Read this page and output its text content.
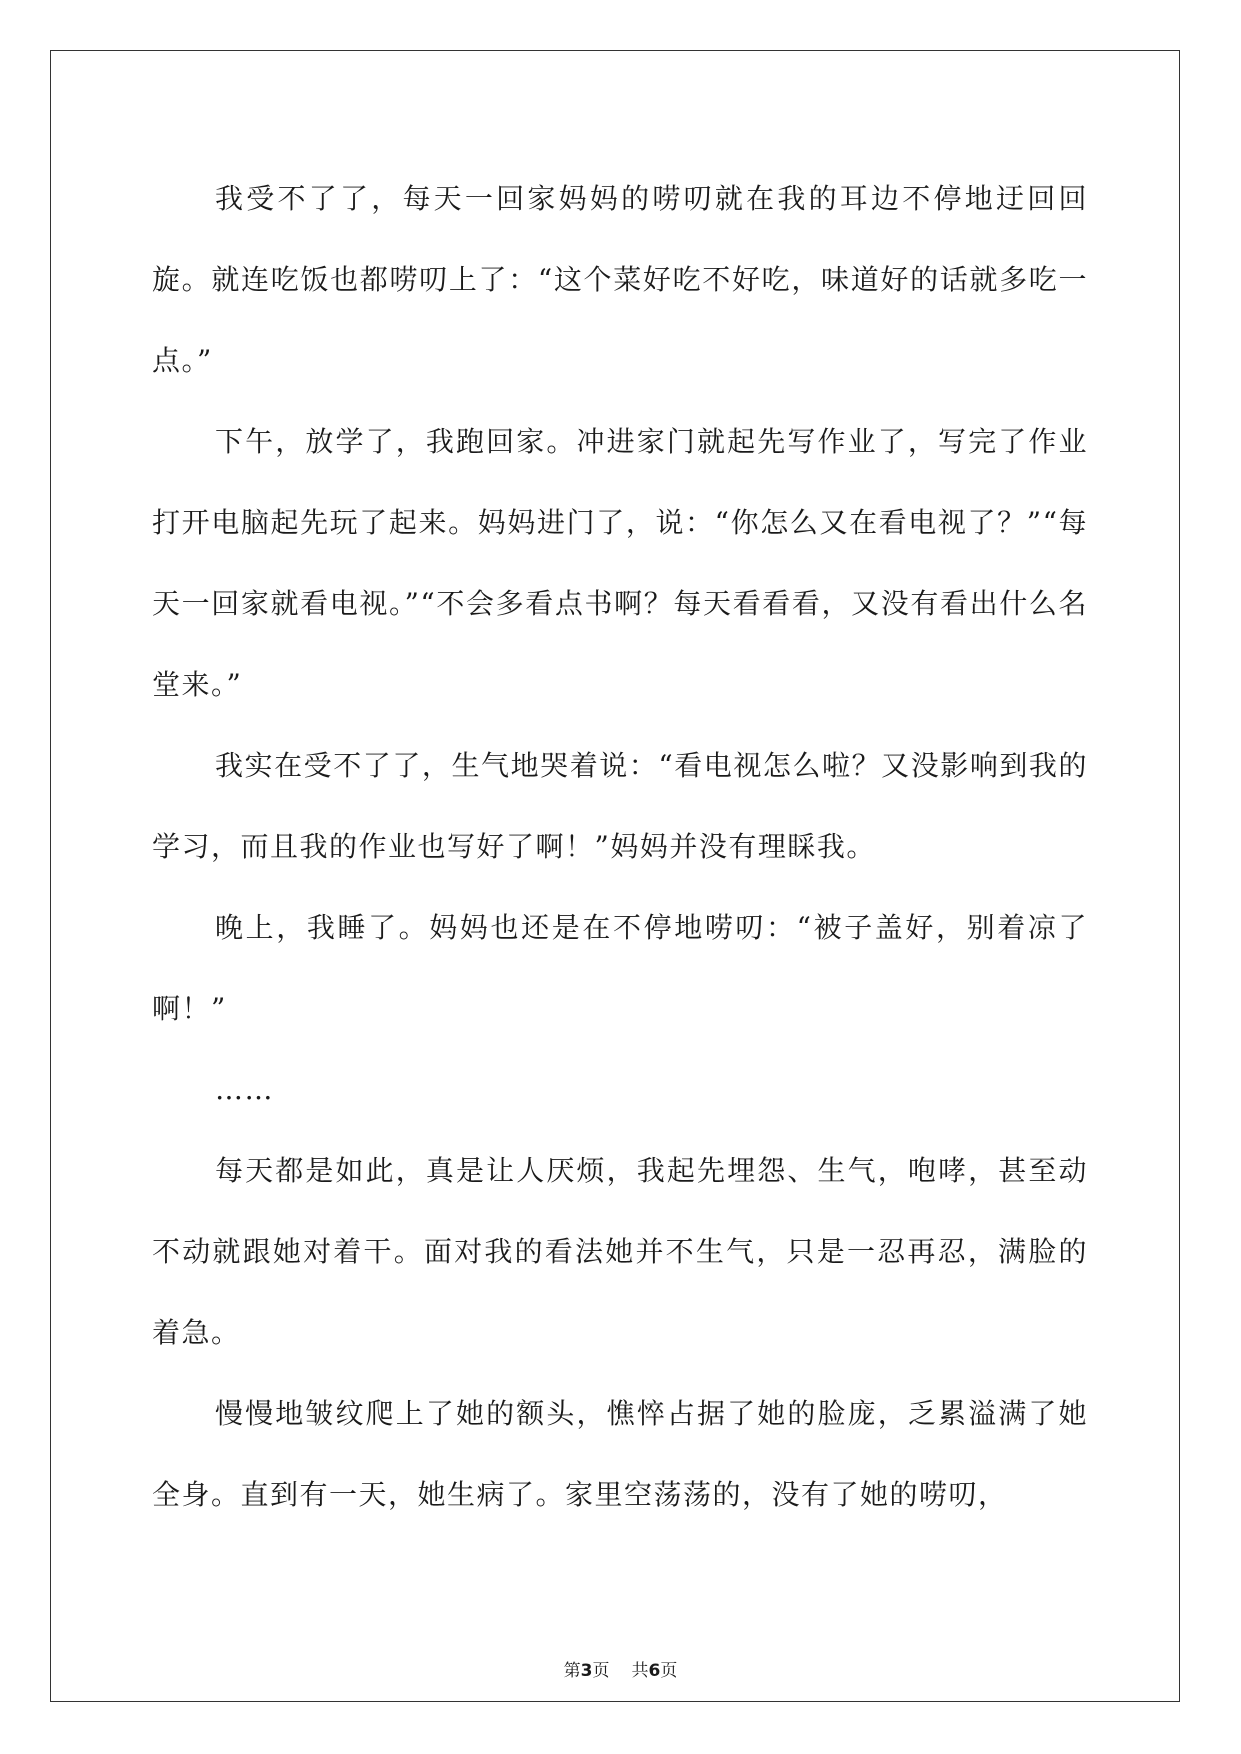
我受不了了，每天一回家妈妈的唠叨就在我的耳边不停地迂回回旋。就连吃饭也都唠叨上了：“这个菜好吃不好吃，味道好的话就多吃一点。”

下午，放学了，我跑回家。冲进家门就起先写作业了，写完了作业打开电脑起先玩了起来。妈妈进门了，说：“你怎么又在看电视了？”“每天一回家就看电视。”“不会多看点书啊？每天看看看，又没有看出什么名堂来。”

我实在受不了了，生气地哭着说：“看电视怎么啦？又没影响到我的学习，而且我的作业也写好了啊！”妈妈并没有理睬我。

晚上，我睡了。妈妈也还是在不停地唠叨：“被子盖好，别着凉了啊！”

……

每天都是如此，真是让人厌烦，我起先埋怨、生气，咆哮，甚至动不动就跟她对着干。面对我的看法她并不生气，只是一忍再忍，满脸的着急。

慢慢地皱纹爬上了她的额头，憔悴占据了她的脸庞，乏累溢满了她全身。直到有一天，她生病了。家里空荡荡的，没有了她的唠叨，

第3页 共6页
